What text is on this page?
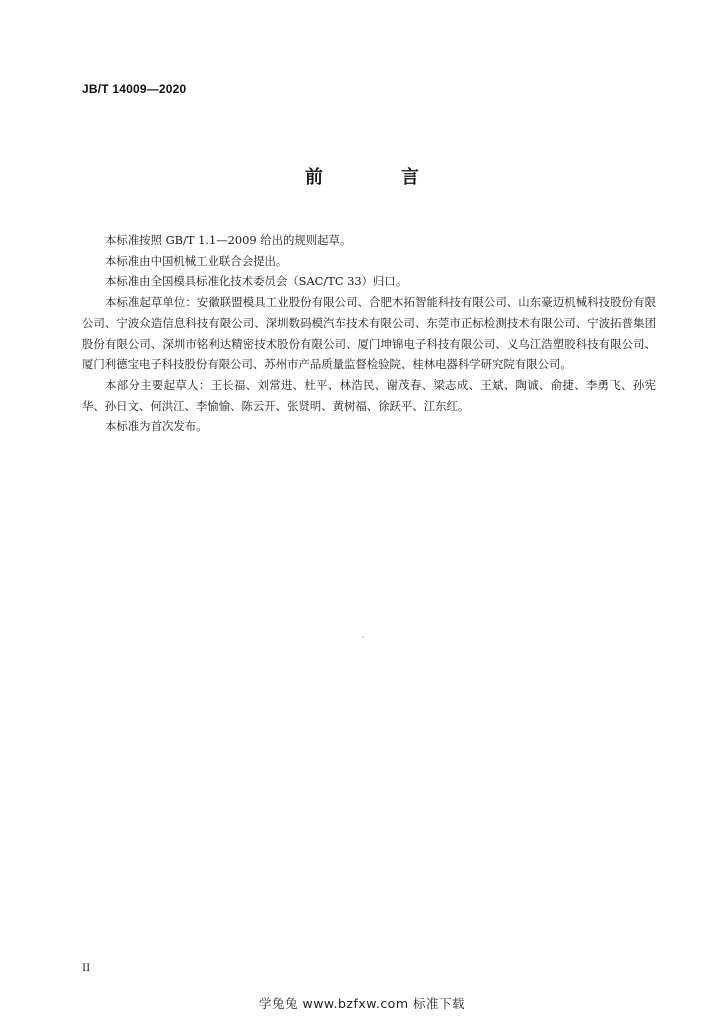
JB/T 14009—2020
前　言

本标准按照 GB/T 1.1—2009 给出的规则起草。

本标准由中国机械工业联合会提出。

本标准由全国模具标准化技术委员会（SAC/TC 33）归口。

本标准起草单位：安徽联盟模具工业股份有限公司、合肥木拓智能科技有限公司、山东豪迈机械科技股份有限公司、宁波众造信息科技有限公司、深圳数码模汽车技术有限公司、东莞市正标检测技术有限公司、宁波拓普集团股份有限公司、深圳市铭利达精密技术股份有限公司、厦门坤锦电子科技有限公司、义乌江浩塑胶科技有限公司、厦门利德宝电子科技股份有限公司、苏州市产品质量监督检验院、桂林电器科学研究院有限公司。

本部分主要起草人：王长福、刘常进、杜平、林浩民、谢茂春、梁志成、王斌、陶诚、俞捷、李勇飞、孙宪华、孙日文、何洪江、李愉愉、陈云开、张贤明、黄树福、徐跃平、江东红。

本标准为首次发布。

II
学兔兔 www.bzfxw.com 标准下载
